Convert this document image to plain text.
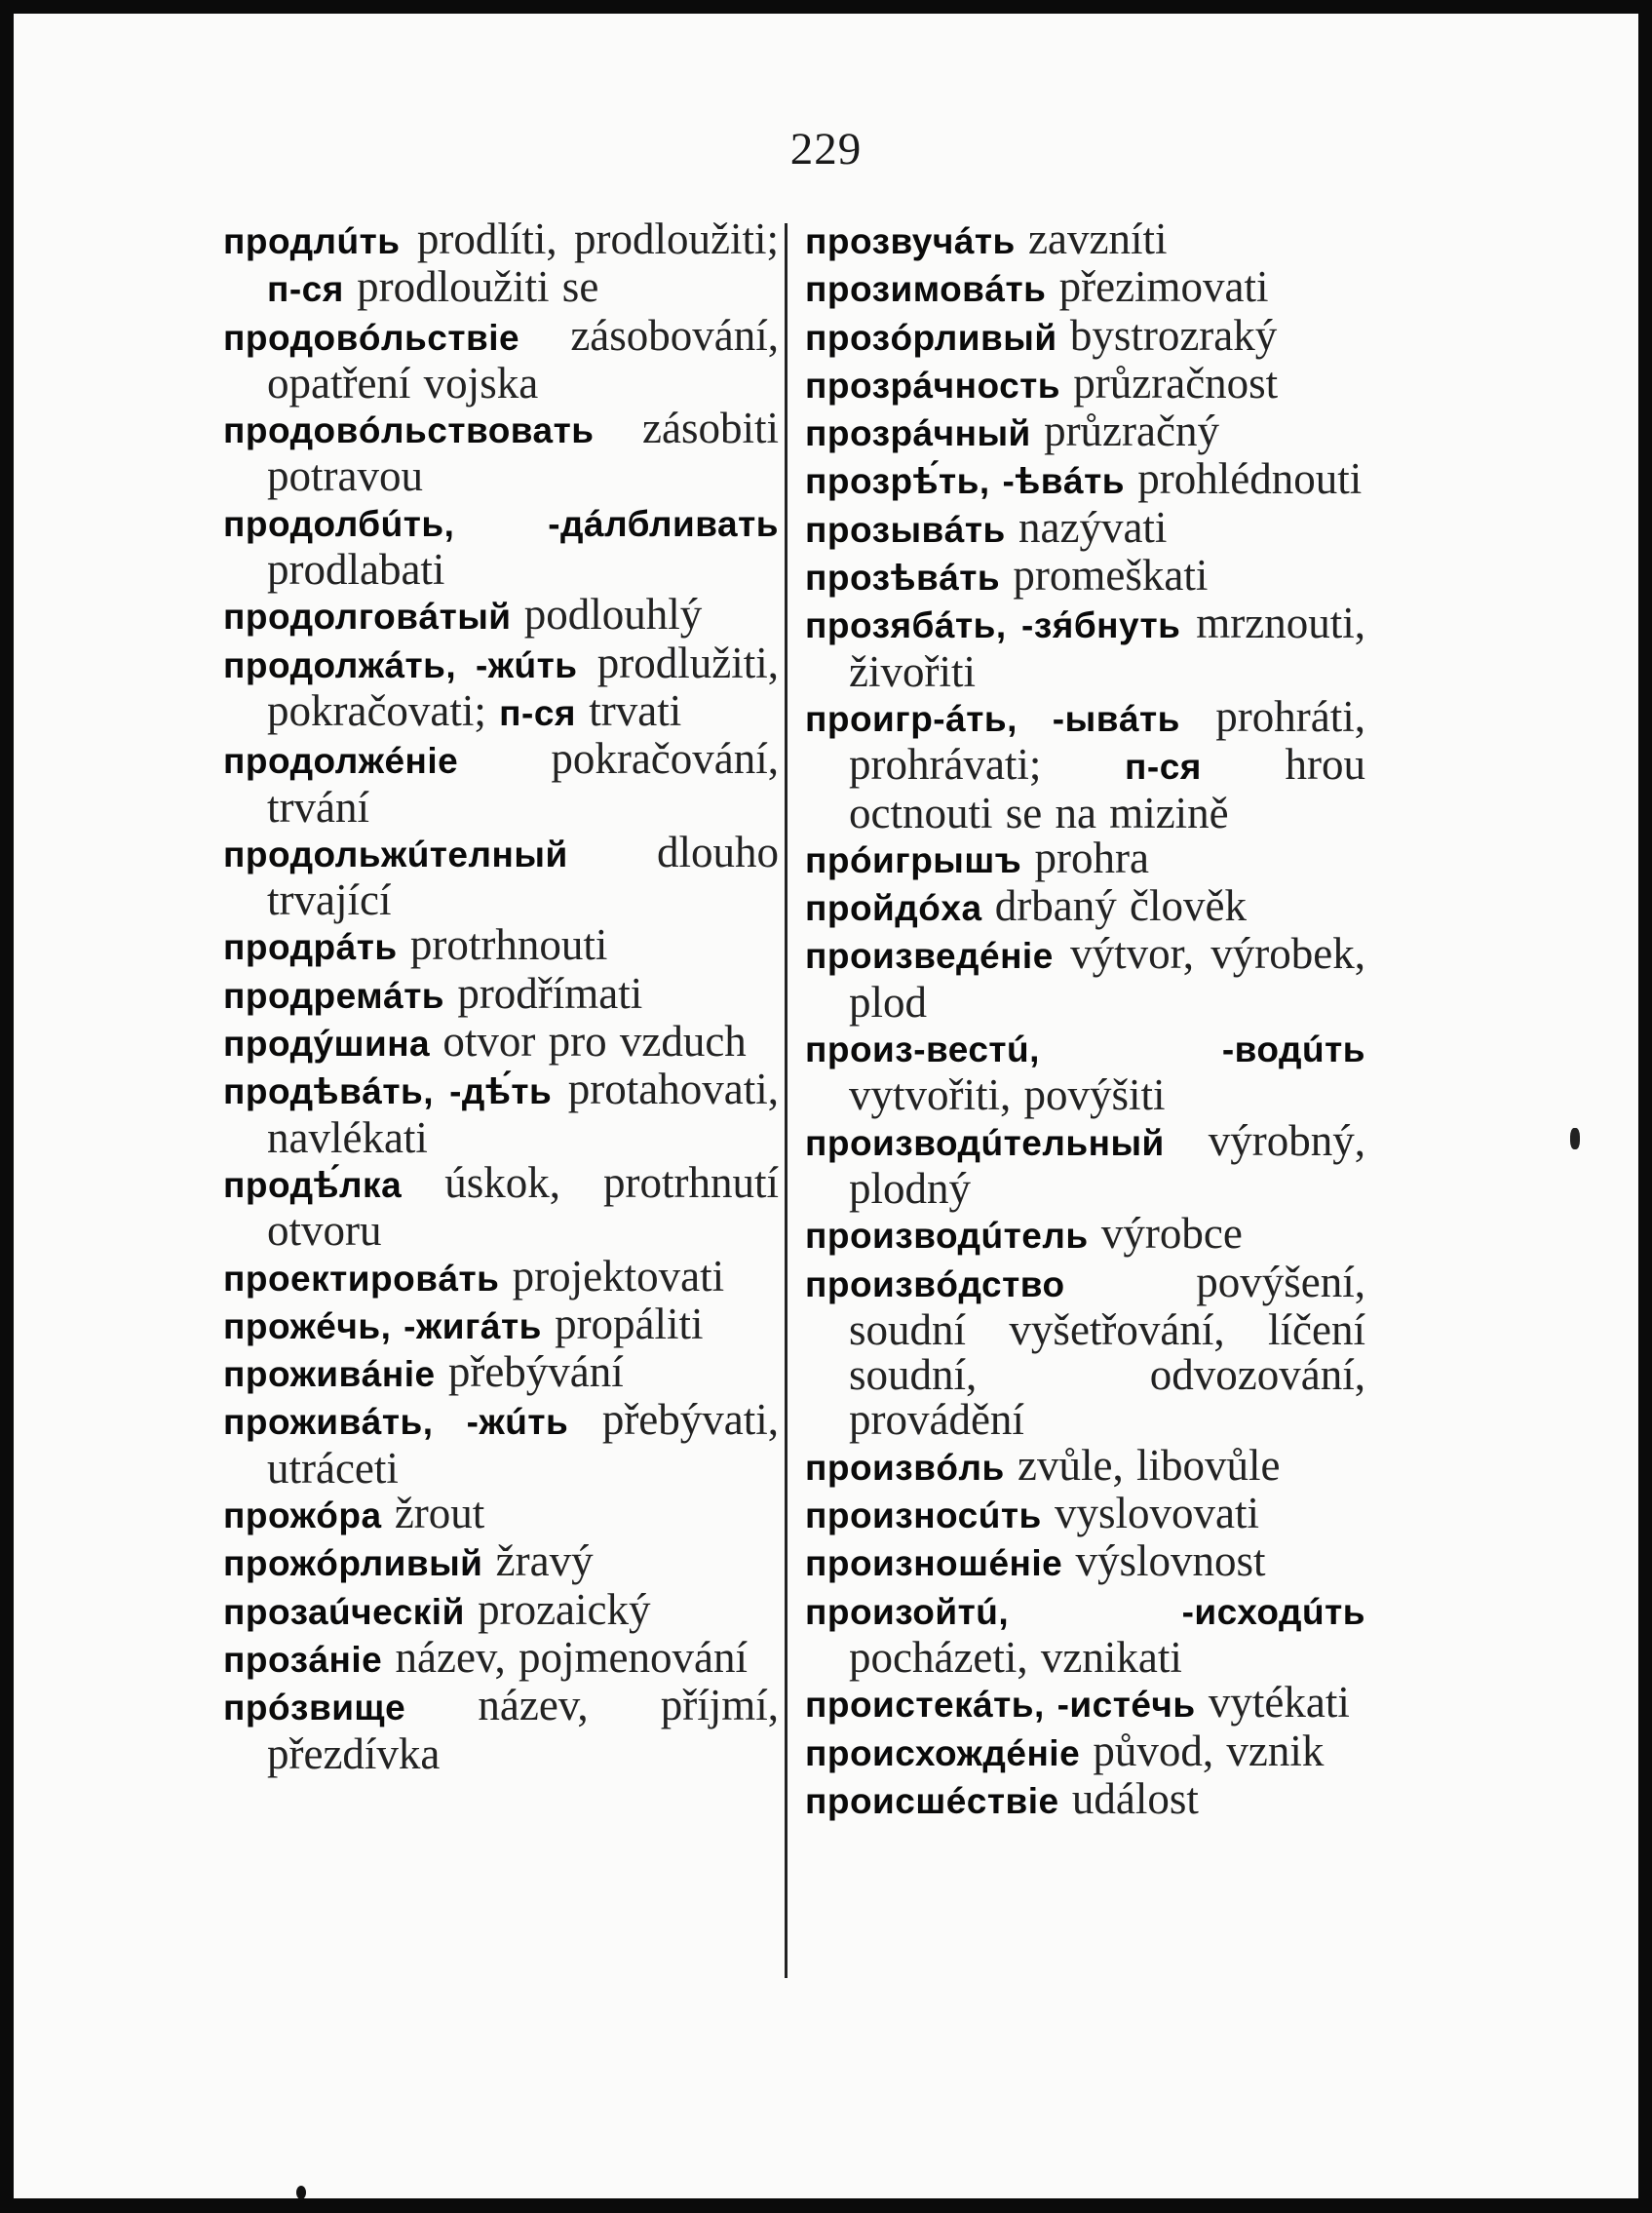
229
продлúть prodlíti, prodloužiti; п-ся prodloužiti se
продовóльствіе zásobování, opatření vojska
продовóльствовать zásobiti potravou
продолбúть, -дáлбливать prodlabati
продолговáтый podlouhlý
продолжáть, -жúть prodlužiti, pokračovati; п-ся trvati
продолжéніе pokračování, trvání
продольжúтелный dlouho trvající
продрáть protrhnouti
продремáть prodřímati
продýшина otvor pro vzduch
продѣвáть, -дѣ́ть protahovati, navlékati
продѣ́лка úskok, protrhnutí otvoru
проектировáть projektovati
прожéчь, -жигáть propáliti
проживáніе přebývání
проживáть, -жúть přebývati, utráceti
прожóра žrout
прожóрливый žravý
прозаúческій prozaický
прозáніе název, pojmenování
прóзвище název, příjmí, přezdívka
прозвучáть zavzníti
прозимовáть přezimovati
прозóрливый bystrozraký
прозрáчность průzračnost
прозрáчный průzračný
прозрѣ́ть, -ѣвáть prohlédnouti
прозывáть nazývati
прозѣвáть promeškati
прозябáть, -зя́бнуть mrznouti, živořiti
проигр-áть, -ывáть prohráti, prohrávati; п-ся hrou octnouti se na mizině
прóигрышъ prohra
пройдóха drbaný člověk
произведéніе výtvor, výrobek, plod
произ-вестú, -водúть vytvořiti, povýšiti
производúтельный výrobný, plodný
производúтель výrobce
произвóдство povýšení, soudní vyšetřování, líčení soudní, odvozování, provádění
произвóль zvůle, libovůle
произносúть vyslovovati
произношéніе výslovnost
произойтú, -исходúть pocházeti, vznikati
проистекáть, -истéчь vytékati
происхождéніе původ, vznik
происшéствіе událost
